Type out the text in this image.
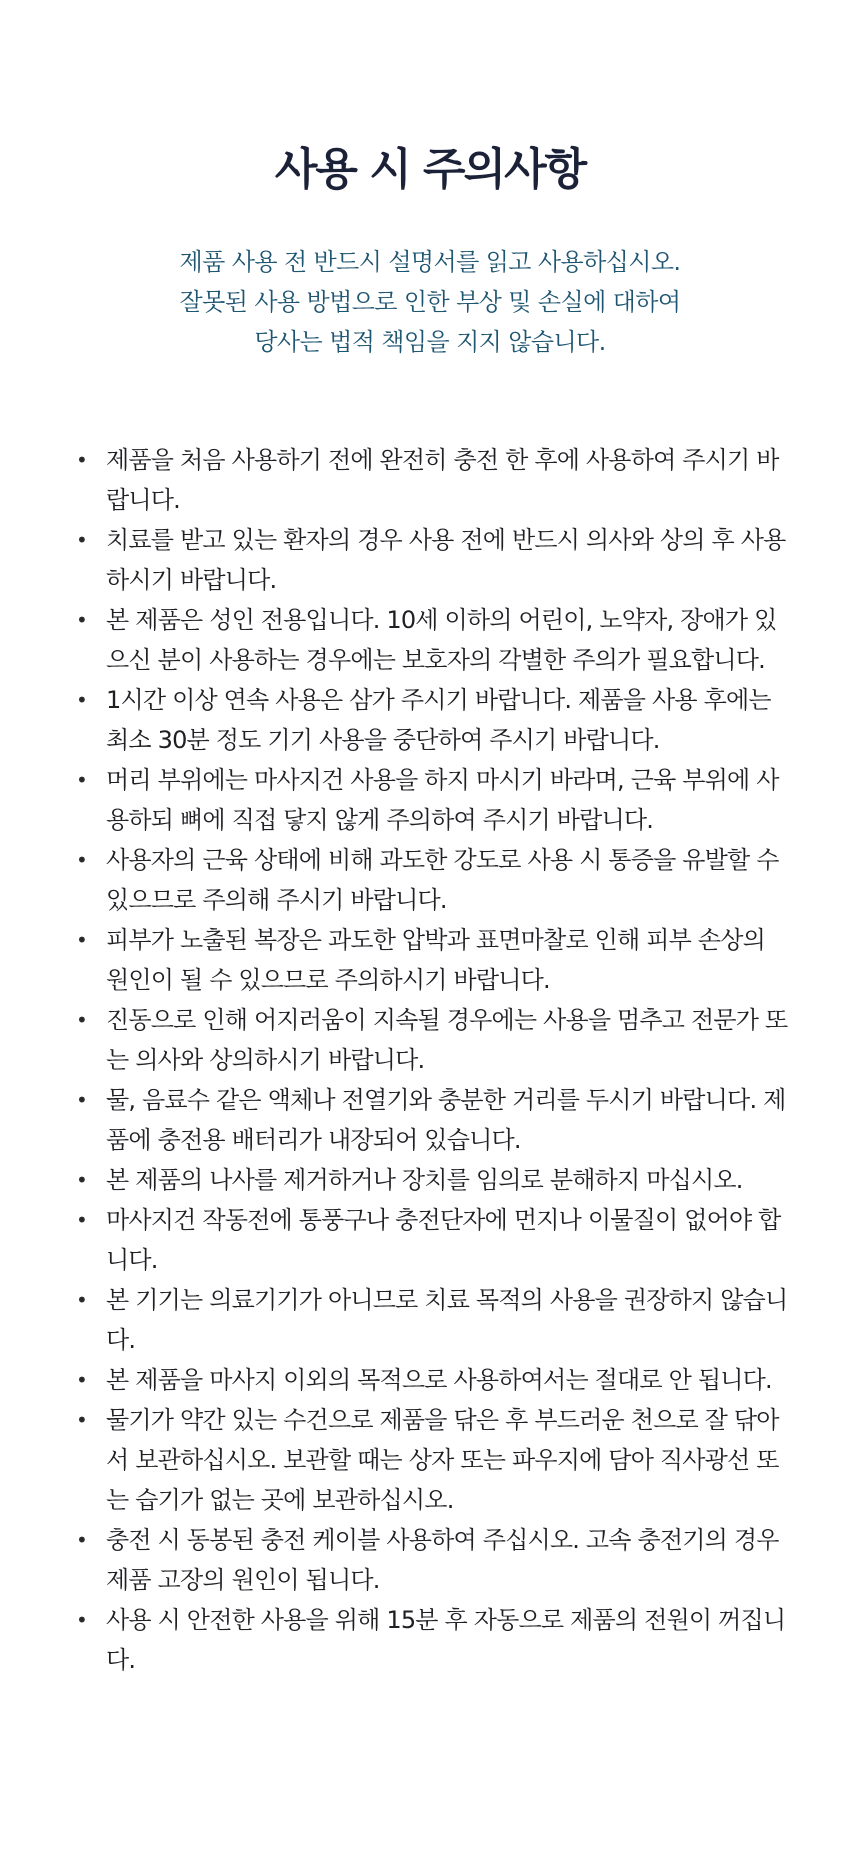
사용 시 주의사항
제품 사용 전 반드시 설명서를 읽고 사용하십시오.
잘못된 사용 방법으로 인한 부상 및 손실에 대하여
당사는 법적 책임을 지지 않습니다.
• 제품을 처음 사용하기 전에 완전히 충전 한 후에 사용하여 주시기 바랍니다.
• 치료를 받고 있는 환자의 경우 사용 전에 반드시 의사와 상의 후 사용하시기 바랍니다.
• 본 제품은 성인 전용입니다. 10세 이하의 어린이, 노약자, 장애가 있으신 분이 사용하는 경우에는 보호자의 각별한 주의가 필요합니다.
• 1시간 이상 연속 사용은 삼가 주시기 바랍니다. 제품을 사용 후에는 최소 30분 정도 기기 사용을 중단하여 주시기 바랍니다.
• 머리 부위에는 마사지건 사용을 하지 마시기 바라며, 근육 부위에 사용하되 뼈에 직접 닿지 않게 주의하여 주시기 바랍니다.
• 사용자의 근육 상태에 비해 과도한 강도로 사용 시 통증을 유발할 수 있으므로 주의해 주시기 바랍니다.
• 피부가 노출된 복장은 과도한 압박과 표면마찰로 인해 피부 손상의 원인이 될 수 있으므로 주의하시기 바랍니다.
• 진동으로 인해 어지러움이 지속될 경우에는 사용을 멈추고 전문가 또는 의사와 상의하시기 바랍니다.
• 물, 음료수 같은 액체나 전열기와 충분한 거리를 두시기 바랍니다. 제품에 충전용 배터리가 내장되어 있습니다.
• 본 제품의 나사를 제거하거나 장치를 임의로 분해하지 마십시오.
• 마사지건 작동전에 통풍구나 충전단자에 먼지나 이물질이 없어야 합니다.
• 본 기기는 의료기기가 아니므로 치료 목적의 사용을 권장하지 않습니다.
• 본 제품을 마사지 이외의 목적으로 사용하여서는 절대로 안 됩니다.
• 물기가 약간 있는 수건으로 제품을 닦은 후 부드러운 천으로 잘 닦아서 보관하십시오. 보관할 때는 상자 또는 파우지에 담아 직사광선 또는 습기가 없는 곳에 보관하십시오.
• 충전 시 동봉된 충전 케이블 사용하여 주십시오. 고속 충전기의 경우 제품 고장의 원인이 됩니다.
• 사용 시 안전한 사용을 위해 15분 후 자동으로 제품의 전원이 꺼집니다.
